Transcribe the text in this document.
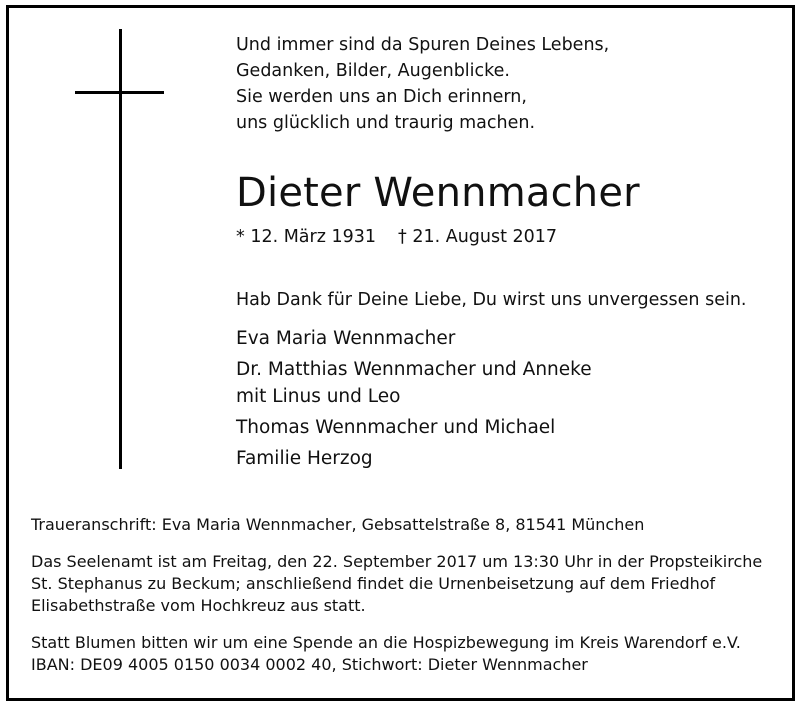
Und immer sind da Spuren Deines Lebens,
Gedanken, Bilder, Augenblicke.
Sie werden uns an Dich erinnern,
uns glücklich und traurig machen.
Dieter Wennmacher
* 12. März 1931 † 21. August 2017
Hab Dank für Deine Liebe, Du wirst uns unvergessen sein.
Eva Maria Wennmacher
Dr. Matthias Wennmacher und Anneke
mit Linus und Leo
Thomas Wennmacher und Michael
Familie Herzog
Traueranschrift: Eva Maria Wennmacher, Gebsattelstraße 8, 81541 München
Das Seelenamt ist am Freitag, den 22. September 2017 um 13:30 Uhr in der Propsteikirche
St. Stephanus zu Beckum; anschließend findet die Urnenbeisetzung auf dem Friedhof
Elisabethstraße vom Hochkreuz aus statt.
Statt Blumen bitten wir um eine Spende an die Hospizbewegung im Kreis Warendorf e.V.
IBAN: DE09 4005 0150 0034 0002 40, Stichwort: Dieter Wennmacher
